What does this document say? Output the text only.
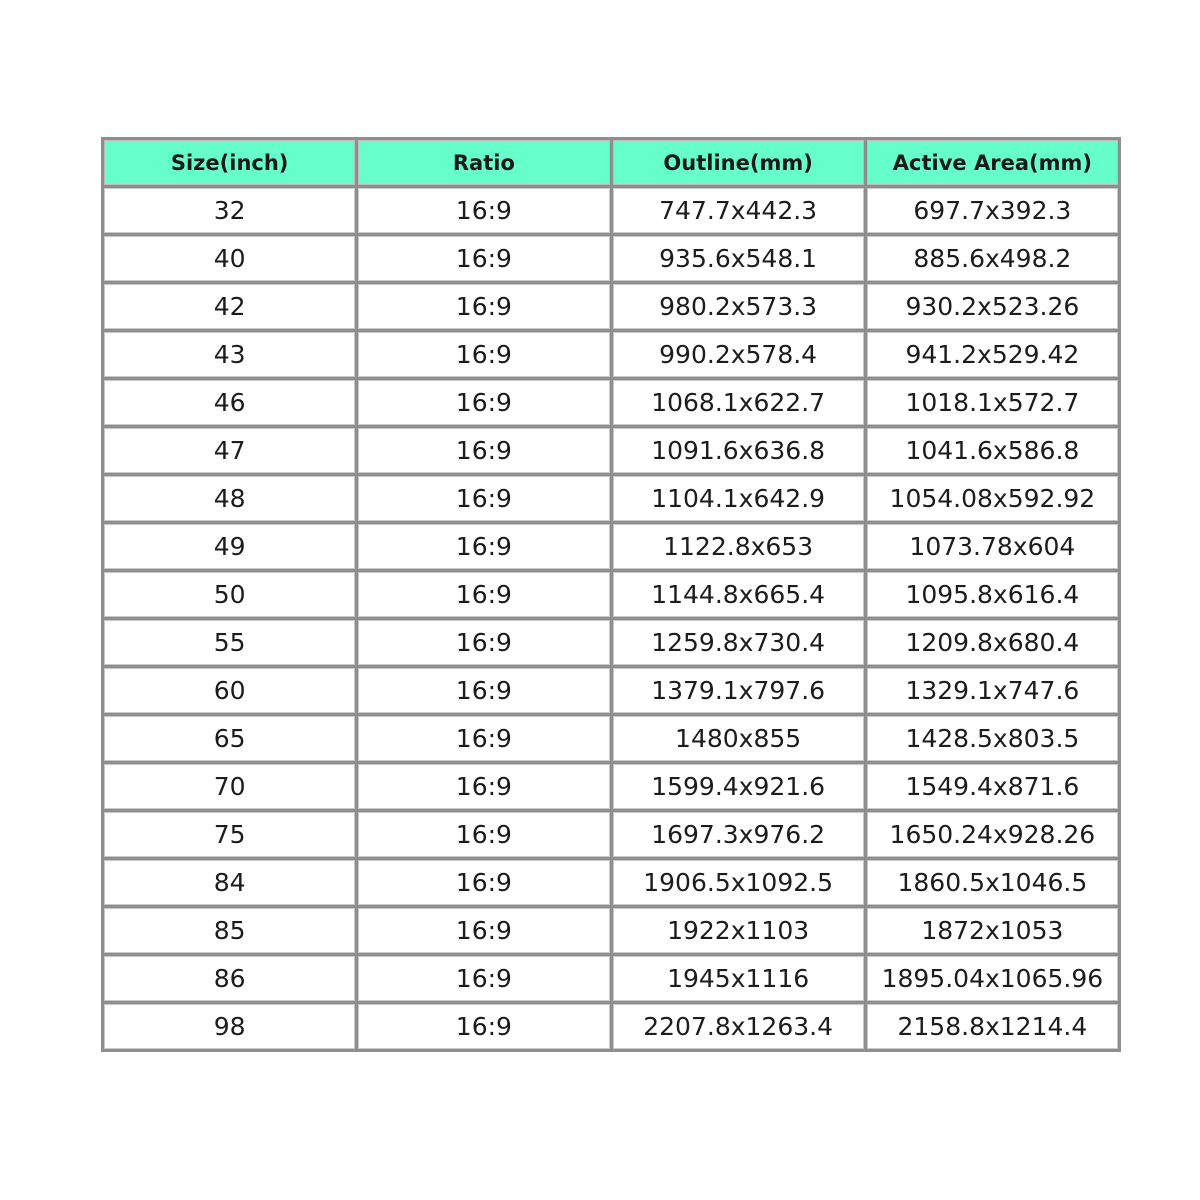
Size(inch)	Ratio	Outline(mm)	Active Area(mm)
32	16:9	747.7x442.3	697.7x392.3
40	16:9	935.6x548.1	885.6x498.2
42	16:9	980.2x573.3	930.2x523.26
43	16:9	990.2x578.4	941.2x529.42
46	16:9	1068.1x622.7	1018.1x572.7
47	16:9	1091.6x636.8	1041.6x586.8
48	16:9	1104.1x642.9	1054.08x592.92
49	16:9	1122.8x653	1073.78x604
50	16:9	1144.8x665.4	1095.8x616.4
55	16:9	1259.8x730.4	1209.8x680.4
60	16:9	1379.1x797.6	1329.1x747.6
65	16:9	1480x855	1428.5x803.5
70	16:9	1599.4x921.6	1549.4x871.6
75	16:9	1697.3x976.2	1650.24x928.26
84	16:9	1906.5x1092.5	1860.5x1046.5
85	16:9	1922x1103	1872x1053
86	16:9	1945x1116	1895.04x1065.96
98	16:9	2207.8x1263.4	2158.8x1214.4
